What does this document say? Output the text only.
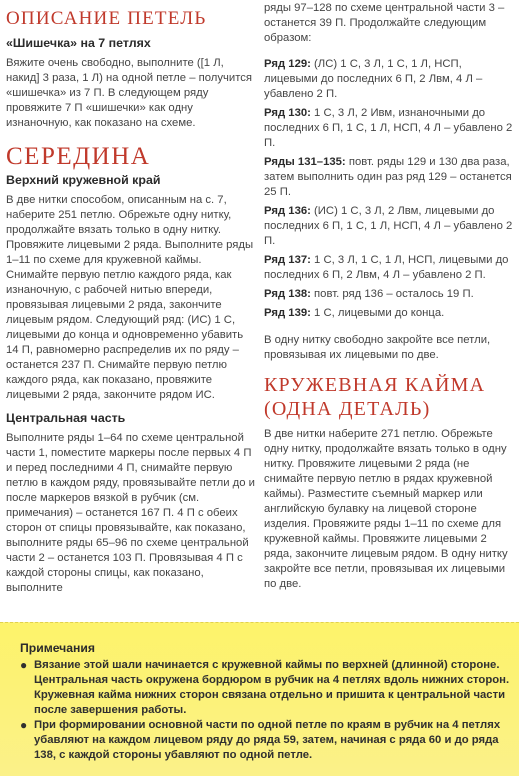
ОПИСАНИЕ ПЕТЕЛЬ

«Шишечка» на 7 петлях

Вяжите очень свободно, выполните ([1 Л, накид] 3 раза, 1 Л) на одной петле – получится «шишечка» из 7 П. В следующем ряду провяжите 7 П «шишечки» как одну изнаночную, как показано на схеме.

СЕРЕДИНА

Верхний кружевной край

В две нитки способом, описанным на с. 7, наберите 251 петлю. Обрежьте одну нитку, продолжайте вязать только в одну нитку. Провяжите лицевыми 2 ряда. Выполните ряды 1–11 по схеме для кружевной каймы. Снимайте первую петлю каждого ряда, как изнаночную, с рабочей нитью впереди, провязывая лицевыми 2 ряда, закончите лицевым рядом. Следующий ряд: (ИС) 1 С, лицевыми до конца и одновременно убавить 14 П, равномерно распределив их по ряду – останется 237 П. Снимайте первую петлю каждого ряда, как показано, провяжите лицевыми 2 ряда, закончите рядом ИС.

Центральная часть

Выполните ряды 1–64 по схеме центральной части 1, поместите маркеры после первых 4 П и перед последними 4 П, снимайте первую петлю в каждом ряду, провязывайте петли до и после маркеров вязкой в рубчик (см. примечания) – останется 167 П. 4 П с обеих сторон от спицы провязывайте, как показано, выполните ряды 65–96 по схеме центральной части 2 – останется 103 П. Провязывая 4 П с каждой стороны спицы, как показано, выполните

ряды 97–128 по схеме центральной части 3 – останется 39 П. Продолжайте следующим образом:

Ряд 129: (ЛС) 1 С, 3 Л, 1 С, 1 Л, НСП, лицевыми до последних 6 П, 2 Лвм, 4 Л – убавлено 2 П.

Ряд 130: 1 С, 3 Л, 2 Ивм, изнаночными до последних 6 П, 1 С, 1 Л, НСП, 4 Л – убавлено 2 П.

Ряды 131–135: повт. ряды 129 и 130 два раза, затем выполнить один раз ряд 129 – останется 25 П.

Ряд 136: (ИС) 1 С, 3 Л, 2 Лвм, лицевыми до последних 6 П, 1 С, 1 Л, НСП, 4 Л – убавлено 2 П.

Ряд 137: 1 С, 3 Л, 1 С, 1 Л, НСП, лицевыми до последних 6 П, 2 Лвм, 4 Л – убавлено 2 П.

Ряд 138: повт. ряд 136 – осталось 19 П.

Ряд 139: 1 С, лицевыми до конца.

В одну нитку свободно закройте все петли, провязывая их лицевыми по две.

КРУЖЕВНАЯ КАЙМА (ОДНА ДЕТАЛЬ)

В две нитки наберите 271 петлю. Обрежьте одну нитку, продолжайте вязать только в одну нитку. Провяжите лицевыми 2 ряда (не снимайте первую петлю в рядах кружевной каймы). Разместите съемный маркер или английскую булавку на лицевой стороне изделия. Провяжите ряды 1–11 по схеме для кружевной каймы. Провяжите лицевыми 2 ряда, закончите лицевым рядом. В одну нитку закройте все петли, провязывая их лицевыми по две.

Примечания

● Вязание этой шали начинается с кружевной каймы по верхней (длинной) стороне. Центральная часть окружена бордюром в рубчик на 4 петлях вдоль нижних сторон. Кружевная кайма нижних сторон связана отдельно и пришита к центральной части после завершения работы.
● При формировании основной части по одной петле по краям в рубчик на 4 петлях убавляют на каждом лицевом ряду до ряда 59, затем, начиная с ряда 60 и до ряда 138, с каждой стороны убавляют по одной петле.
